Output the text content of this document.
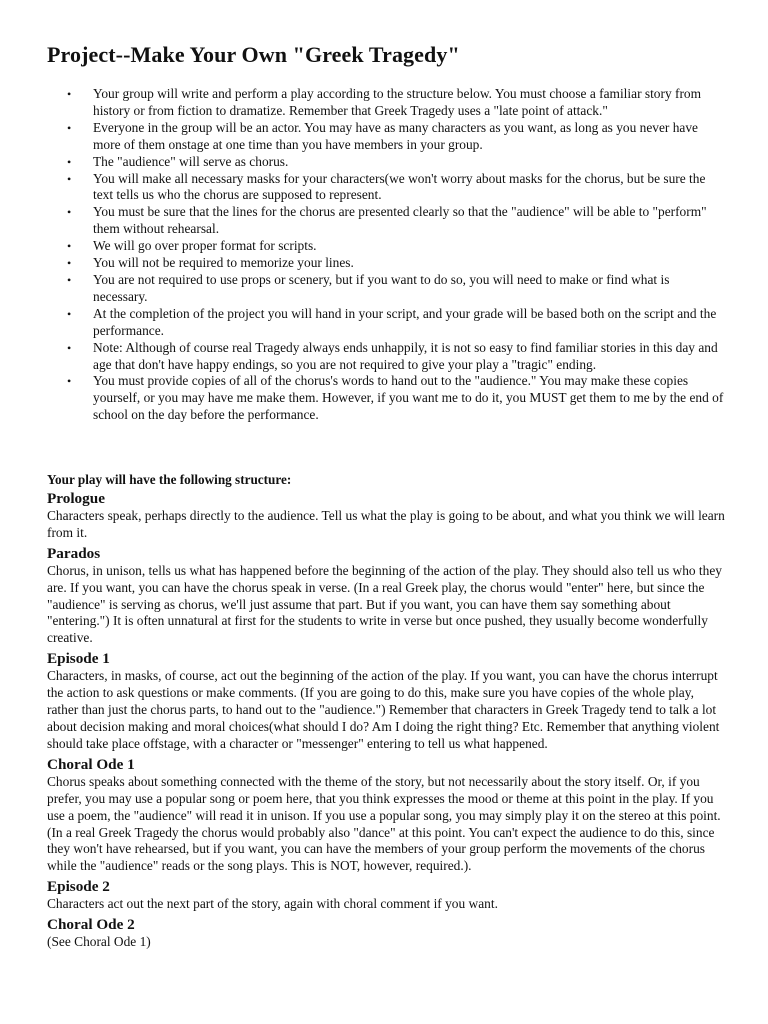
Project--Make Your Own "Greek Tragedy"
• Your group will write and perform a play according to the structure below. You must choose a familiar story from history or from fiction to dramatize. Remember that Greek Tragedy uses a "late point of attack."
• Everyone in the group will be an actor. You may have as many characters as you want, as long as you never have more of them onstage at one time than you have members in your group.
• The "audience" will serve as chorus.
• You will make all necessary masks for your characters(we won't worry about masks for the chorus, but be sure the text tells us who the chorus are supposed to represent.
• You must be sure that the lines for the chorus are presented clearly so that the "audience" will be able to "perform" them without rehearsal.
• We will go over proper format for scripts.
• You will not be required to memorize your lines.
• You are not required to use props or scenery, but if you want to do so, you will need to make or find what is necessary.
• At the completion of the project you will hand in your script, and your grade will be based both on the script and the performance.
• Note: Although of course real Tragedy always ends unhappily, it is not so easy to find familiar stories in this day and age that don't have happy endings, so you are not required to give your play a "tragic" ending.
• You must provide copies of all of the chorus's words to hand out to the "audience." You may make these copies yourself, or you may have me make them. However, if you want me to do it, you MUST get them to me by the end of school on the day before the performance.
Your play will have the following structure:
Prologue
Characters speak, perhaps directly to the audience. Tell us what the play is going to be about, and what you think we will learn from it.
Parados
Chorus, in unison, tells us what has happened before the beginning of the action of the play. They should also tell us who they are. If you want, you can have the chorus speak in verse. (In a real Greek play, the chorus would "enter" here, but since the "audience" is serving as chorus, we'll just assume that part. But if you want, you can have them say something about "entering.") It is often unnatural at first for the students to write in verse but once pushed, they usually become wonderfully creative.
Episode 1
Characters, in masks, of course, act out the beginning of the action of the play. If you want, you can have the chorus interrupt the action to ask questions or make comments. (If you are going to do this, make sure you have copies of the whole play, rather than just the chorus parts, to hand out to the "audience.") Remember that characters in Greek Tragedy tend to talk a lot about decision making and moral choices(what should I do? Am I doing the right thing? Etc. Remember that anything violent should take place offstage, with a character or "messenger" entering to tell us what happened.
Choral Ode 1
Chorus speaks about something connected with the theme of the story, but not necessarily about the story itself. Or, if you prefer, you may use a popular song or poem here, that you think expresses the mood or theme at this point in the play. If you use a poem, the "audience" will read it in unison. If you use a popular song, you may simply play it on the stereo at this point. (In a real Greek Tragedy the chorus would probably also "dance" at this point. You can't expect the audience to do this, since they won't have rehearsed, but if you want, you can have the members of your group perform the movements of the chorus while the "audience" reads or the song plays. This is NOT, however, required.).
Episode 2
Characters act out the next part of the story, again with choral comment if you want.
Choral Ode 2
(See Choral Ode 1)
